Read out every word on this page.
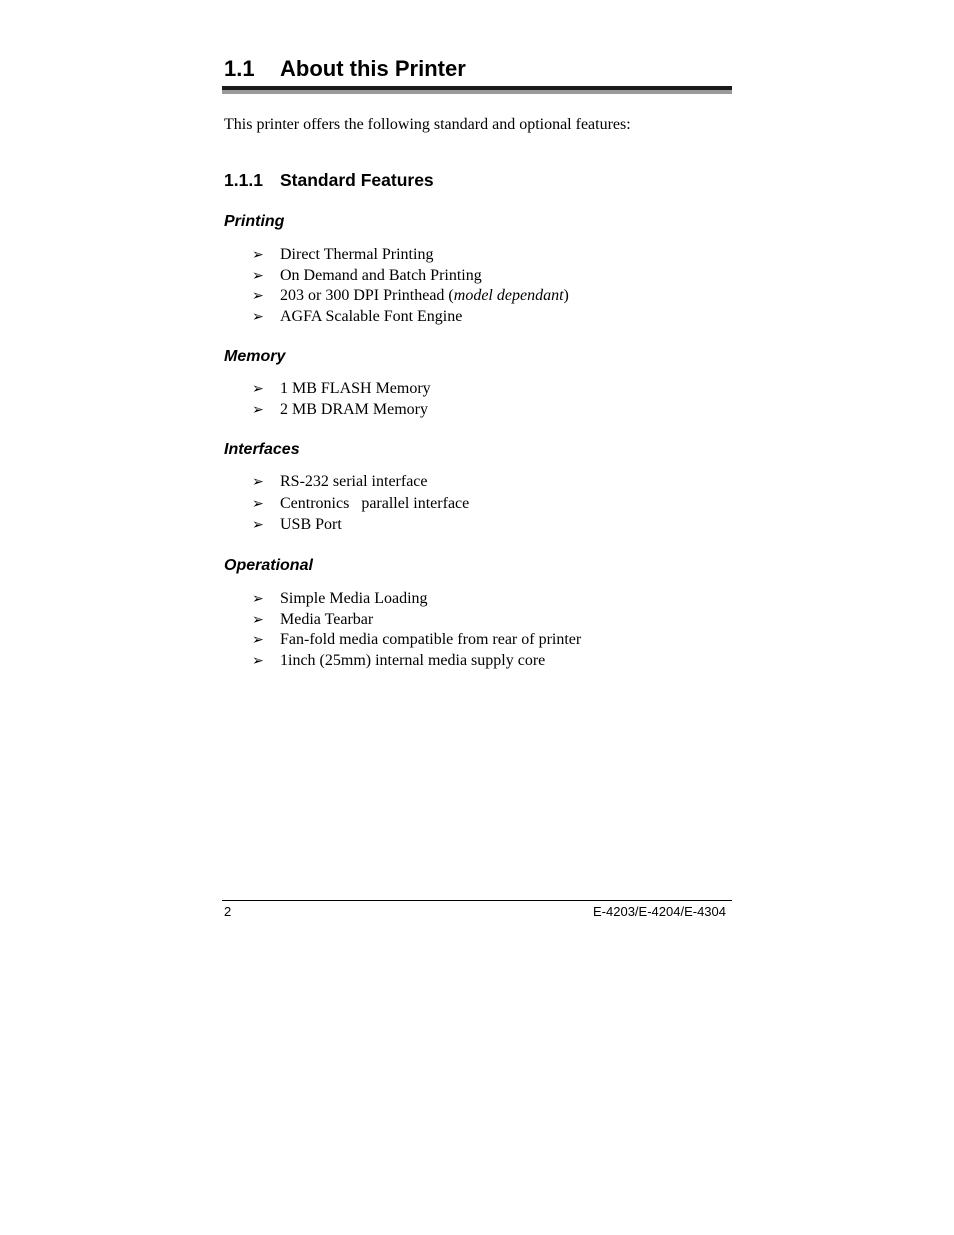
1.1 About this Printer
This printer offers the following standard and optional features:
1.1.1 Standard Features
Printing
➢	Direct Thermal Printing
➢	On Demand and Batch Printing
➢	203 or 300 DPI Printhead ( model dependant )
➢	AGFA Scalable Font Engine
Memory
➢	1 MB FLASH Memory
➢	2 MB DRAM Memory
Interfaces
➢	RS-232 serial interface
➢	Centronics   parallel interface
➢	USB Port
Operational
➢	Simple Media Loading
➢	Media Tearbar
➢	Fan-fold media compatible from rear of printer
➢	1inch (25mm) internal media supply core
2	E-4203/E-4204/E-4304
